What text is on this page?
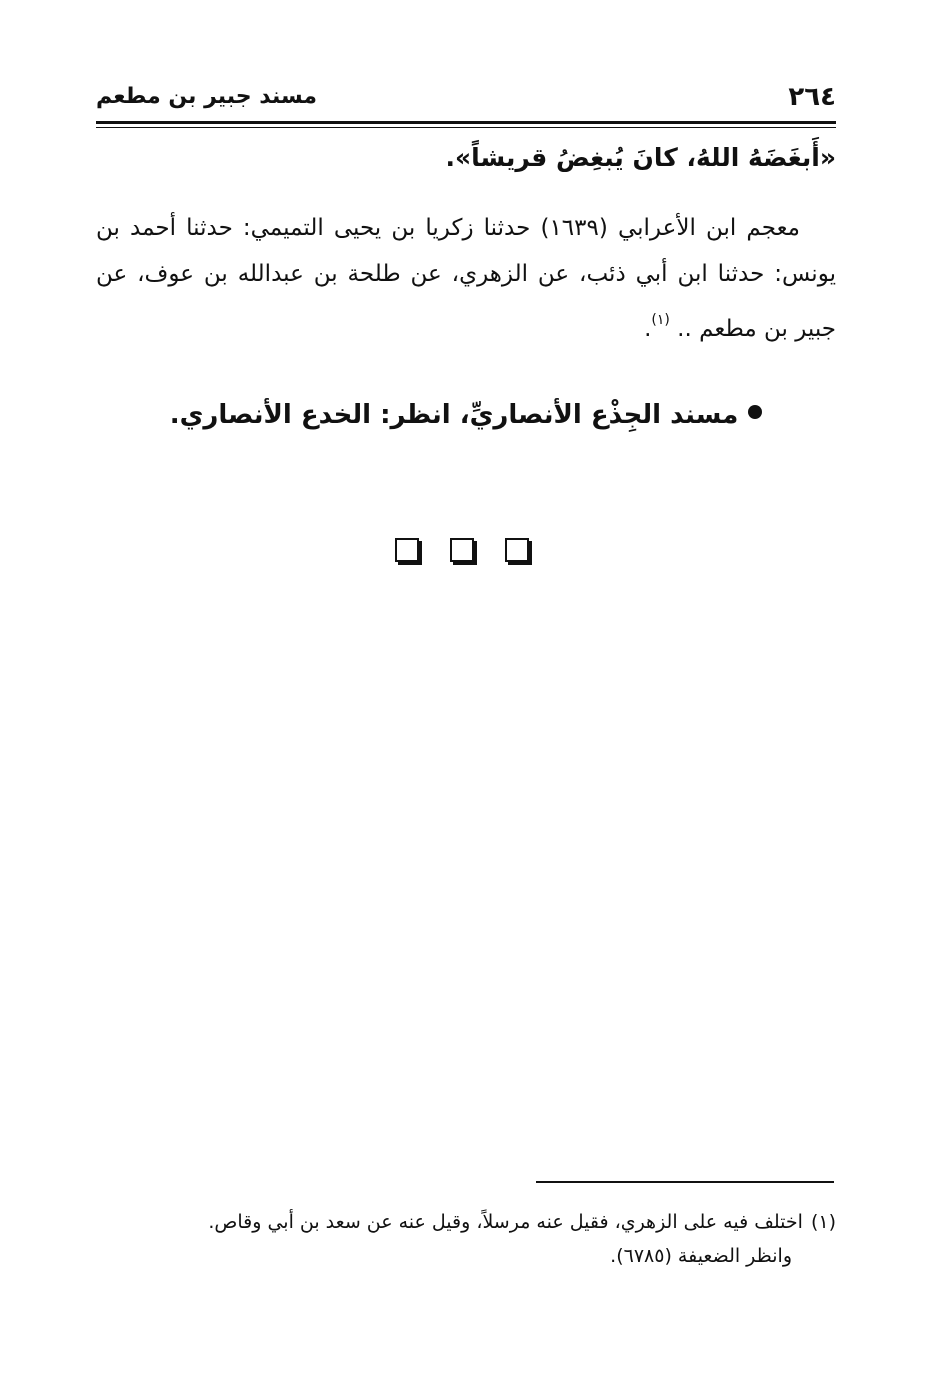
٢٦٤
مسند جبير بن مطعم
«أَبغَضَهُ اللهُ، كانَ يُبغِضُ قريشاً».
معجم ابن الأعرابي (١٦٣٩) حدثنا زكريا بن يحيى التميمي: حدثنا أحمد بن يونس: حدثنا ابن أبي ذئب، عن الزهري، عن طلحة بن عبدالله بن عوف، عن جبير بن مطعم .. $^{(١)}$.
مسند الجِذْع الأنصاريِّ، انظر: الخدع الأنصاري.
(١)اختلف فيه على الزهري، فقيل عنه مرسلاً، وقيل عنه عن سعد بن أبي وقاص.
وانظر الضعيفة (٦٧٨٥).
